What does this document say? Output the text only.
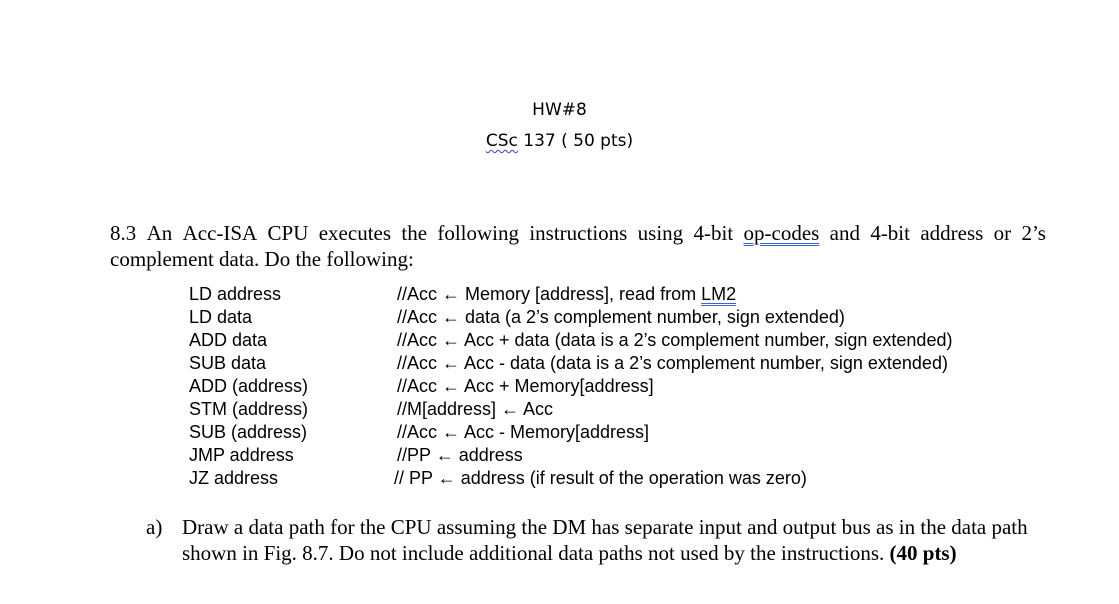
HW#8
CSc 137 ( 50 pts)
8.3 An Acc-ISA CPU executes the following instructions using 4-bit op-codes and 4-bit address or 2’s
complement data. Do the following:
LD address	//Acc ← Memory [address], read from LM2
LD data	//Acc ← data (a 2’s complement number, sign extended)
ADD data	//Acc ← Acc + data (data is a 2’s complement number, sign extended)
SUB data	//Acc ← Acc - data (data is a 2’s complement number, sign extended)
ADD (address)	//Acc ← Acc + Memory[address]
STM (address)	//M[address] ← Acc
SUB (address)	//Acc ← Acc - Memory[address]
JMP address	//PP ← address
JZ address	// PP ← address (if result of the operation was zero)
a) Draw a data path for the CPU assuming the DM has separate input and output bus as in the data path shown in Fig. 8.7. Do not include additional data paths not used by the instructions. (40 pts)
